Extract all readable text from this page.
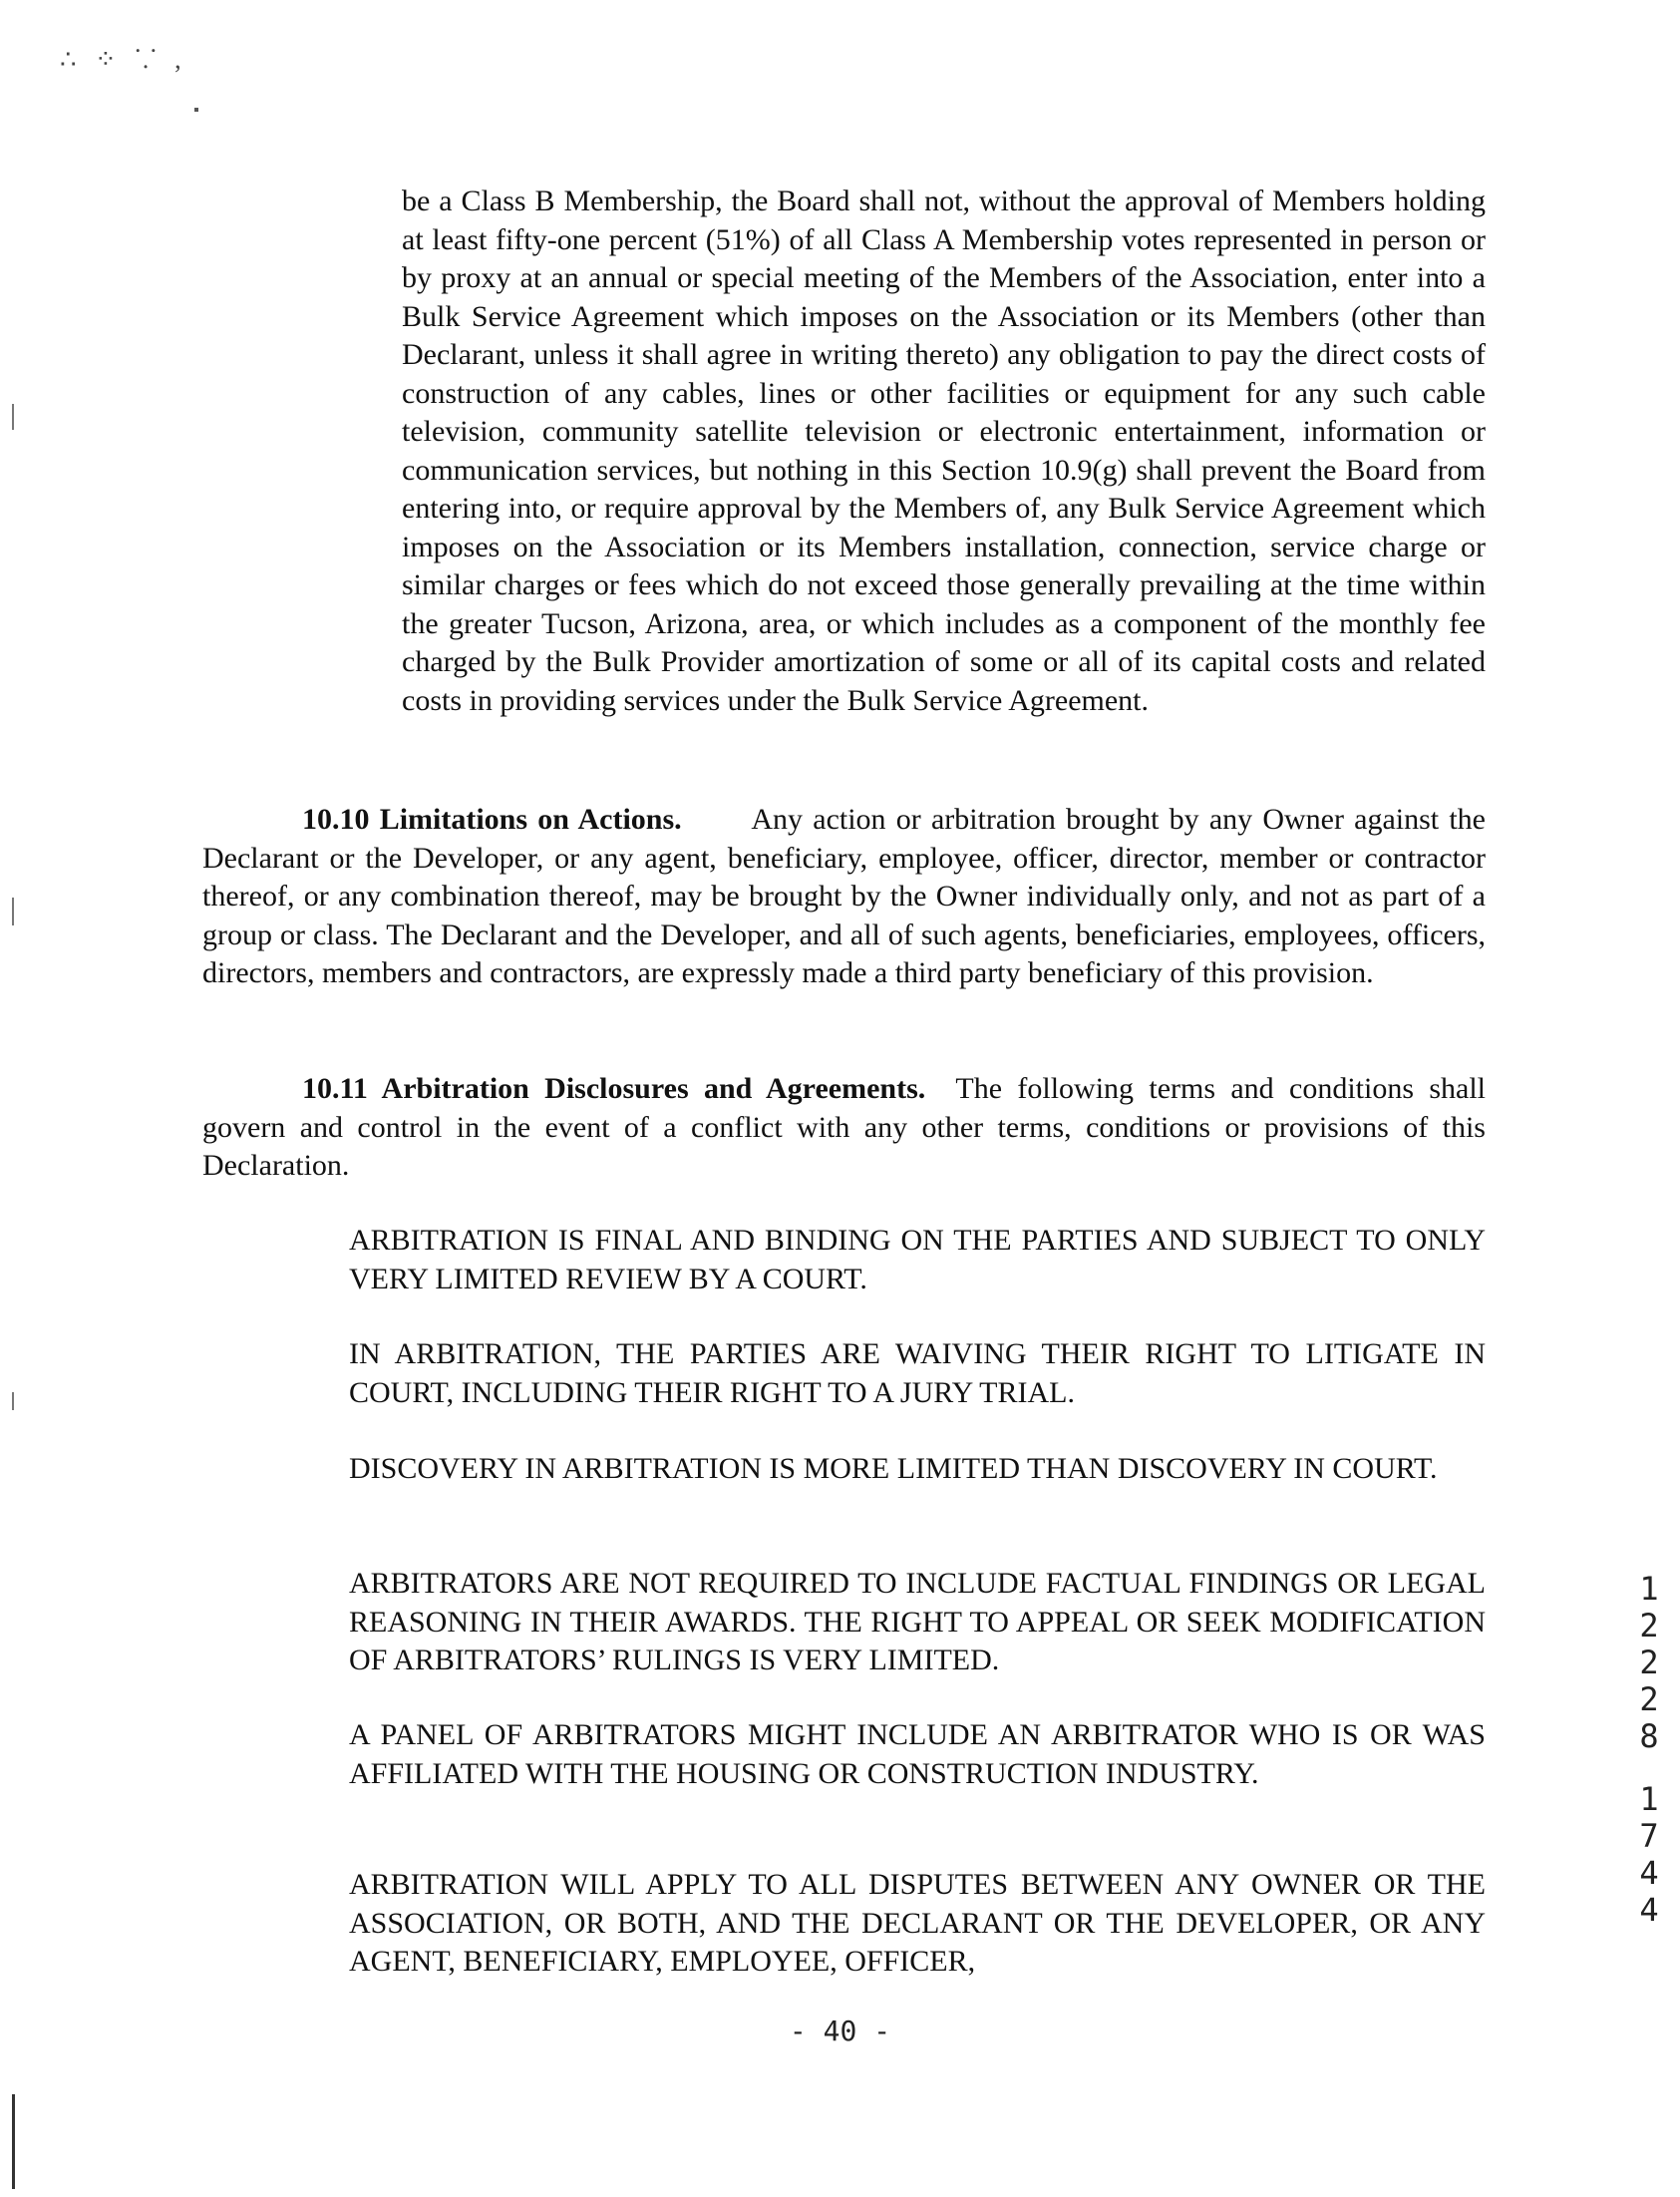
∴ ⁘ ⸪ ,

be a Class B Membership, the Board shall not, without the approval of Members holding at least fifty-one percent (51%) of all Class A Membership votes represented in person or by proxy at an annual or special meeting of the Members of the Association, enter into a Bulk Service Agreement which imposes on the Association or its Members (other than Declarant, unless it shall agree in writing thereto) any obligation to pay the direct costs of construction of any cables, lines or other facilities or equipment for any such cable television, community satellite television or electronic entertainment, information or communication services, but nothing in this Section 10.9(g) shall prevent the Board from entering into, or require approval by the Members of, any Bulk Service Agreement which imposes on the Association or its Members installation, connection, service charge or similar charges or fees which do not exceed those generally prevailing at the time within the greater Tucson, Arizona, area, or which includes as a component of the monthly fee charged by the Bulk Provider amortization of some or all of its capital costs and related costs in providing services under the Bulk Service Agreement.

10.10 Limitations on Actions. Any action or arbitration brought by any Owner against the Declarant or the Developer, or any agent, beneficiary, employee, officer, director, member or contractor thereof, or any combination thereof, may be brought by the Owner individually only, and not as part of a group or class. The Declarant and the Developer, and all of such agents, beneficiaries, employees, officers, directors, members and contractors, are expressly made a third party beneficiary of this provision.

10.11 Arbitration Disclosures and Agreements. The following terms and conditions shall govern and control in the event of a conflict with any other terms, conditions or provisions of this Declaration.

ARBITRATION IS FINAL AND BINDING ON THE PARTIES AND SUBJECT TO ONLY VERY LIMITED REVIEW BY A COURT.

IN ARBITRATION, THE PARTIES ARE WAIVING THEIR RIGHT TO LITIGATE IN COURT, INCLUDING THEIR RIGHT TO A JURY TRIAL.

DISCOVERY IN ARBITRATION IS MORE LIMITED THAN DISCOVERY IN COURT.

ARBITRATORS ARE NOT REQUIRED TO INCLUDE FACTUAL FINDINGS OR LEGAL REASONING IN THEIR AWARDS. THE RIGHT TO APPEAL OR SEEK MODIFICATION OF ARBITRATORS’ RULINGS IS VERY LIMITED.

A PANEL OF ARBITRATORS MIGHT INCLUDE AN ARBITRATOR WHO IS OR WAS AFFILIATED WITH THE HOUSING OR CONSTRUCTION INDUSTRY.

ARBITRATION WILL APPLY TO ALL DISPUTES BETWEEN ANY OWNER OR THE ASSOCIATION, OR BOTH, AND THE DECLARANT OR THE DEVELOPER, OR ANY AGENT, BENEFICIARY, EMPLOYEE, OFFICER,

1
2
2
2
8
1
7
4
4
- 40 -
